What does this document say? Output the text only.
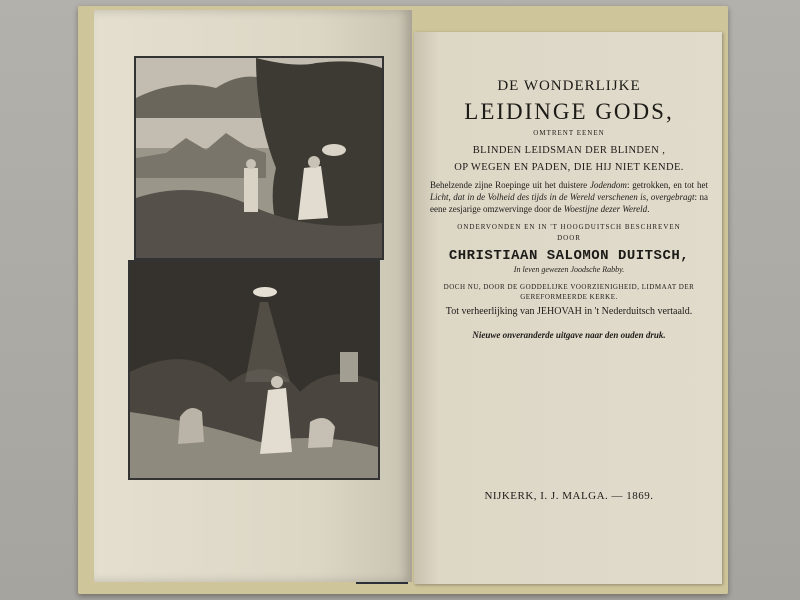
DE WONDERLIJKE
LEIDINGE GODS,
OMTRENT EENEN
BLINDEN LEIDSMAN DER BLINDEN ,
OP WEGEN EN PADEN, DIE HIJ NIET KENDE.
Behelzende zijne Roepinge uit het duistere Jodendom: getrokken, en tot het Licht, dat in de Volheid des tijds in de Wereld verschenen is, overgebragt: na eene zesjarige omzwervinge door de Woestijne dezer Wereld.
ONDERVONDEN EN IN 'T HOOGDUITSCH BESCHREVEN
DOOR
CHRISTIAAN SALOMON DUITSCH,
In leven gewezen Joodsche Rabby.
DOCH NU, DOOR DE GODDELIJKE VOORZIENIGHEID, LIDMAAT DER GEREFORMEERDE KERKE.
Tot verheerlijking van JEHOVAH in 't Nederduitsch vertaald.
Nieuwe onveranderde uitgave naar den ouden druk.
NIJKERK, I. J. MALGA. — 1869.
